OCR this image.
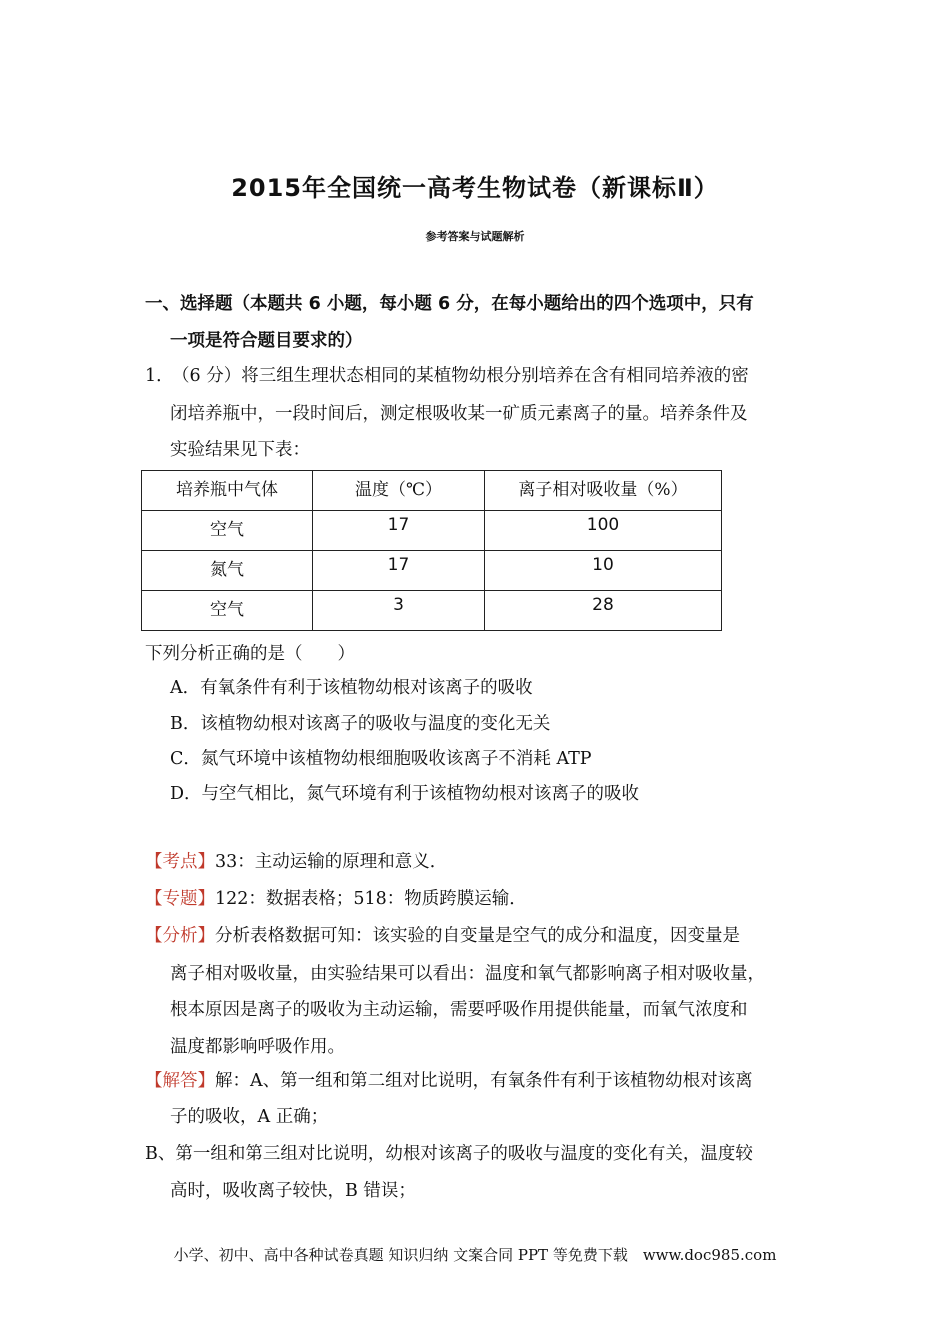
2015年全国统一高考生物试卷（新课标Ⅱ）
参考答案与试题解析
一、选择题（本题共 6 小题，每小题 6 分，在每小题给出的四个选项中，只有
一项是符合题目要求的）
1．
（6 分）将三组生理状态相同的某植物幼根分别培养在含有相同培养液的密
闭培养瓶中，一段时间后，测定根吸收某一矿质元素离子的量。培养条件及
实验结果见下表：
培养瓶中气体	温度（℃）	离子相对吸收量（%）
空气	17	100
氮气	17	10
空气	3	28
下列分析正确的是（　　）
A．有氧条件有利于该植物幼根对该离子的吸收
B．该植物幼根对该离子的吸收与温度的变化无关
C．氮气环境中该植物幼根细胞吸收该离子不消耗 ATP
D．与空气相比，氮气环境有利于该植物幼根对该离子的吸收
【考点】33：主动运输的原理和意义．
【专题】122：数据表格；518：物质跨膜运输．
【分析】分析表格数据可知：该实验的自变量是空气的成分和温度，因变量是
离子相对吸收量，由实验结果可以看出：温度和氧气都影响离子相对吸收量，
根本原因是离子的吸收为主动运输，需要呼吸作用提供能量，而氧气浓度和
温度都影响呼吸作用。
【解答】解：A、第一组和第二组对比说明，有氧条件有利于该植物幼根对该离
子的吸收，A 正确；
B、第一组和第三组对比说明，幼根对该离子的吸收与温度的变化有关，温度较
高时，吸收离子较快，B 错误；
小学、初中、高中各种试卷真题 知识归纳 文案合同 PPT 等免费下载　www.doc985.com
